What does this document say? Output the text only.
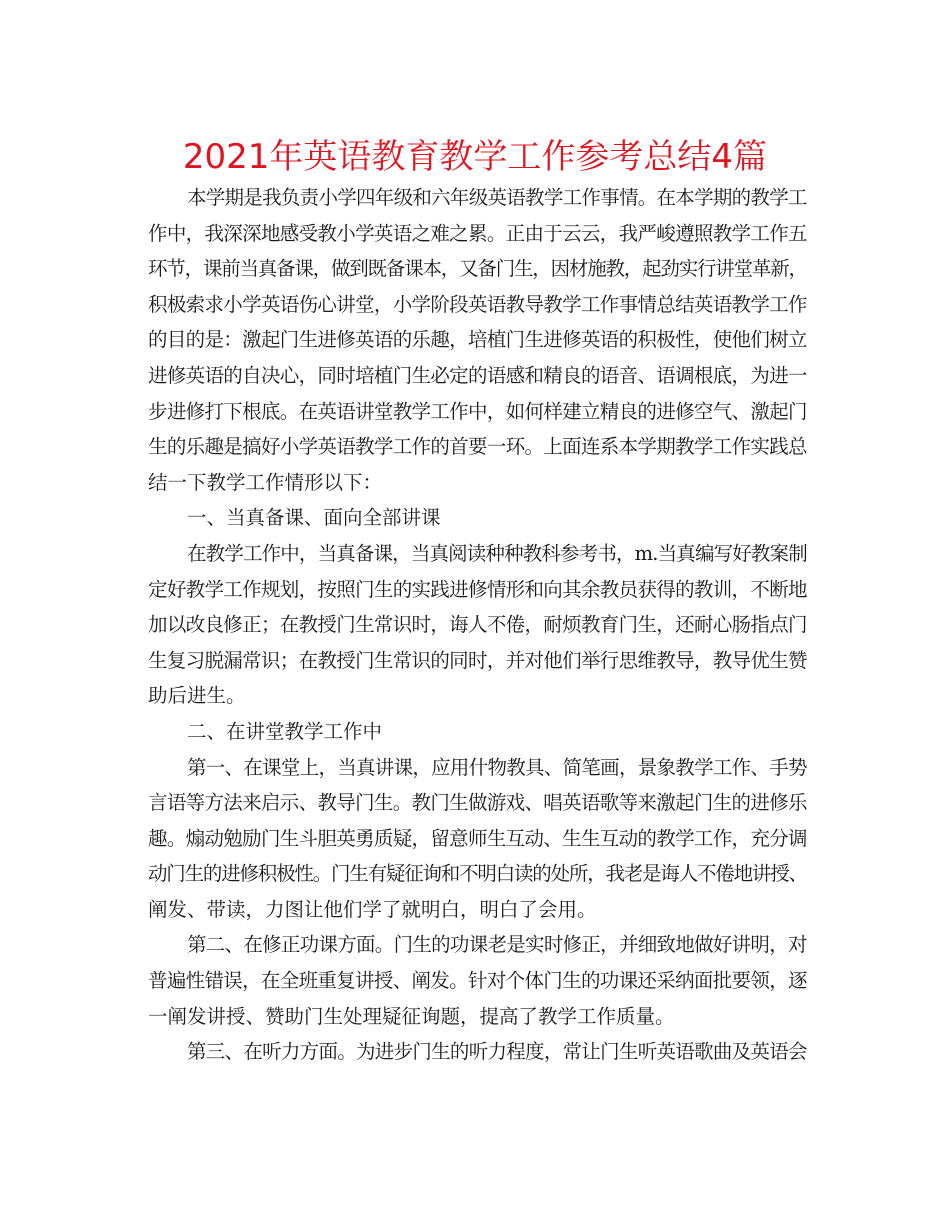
2021年英语教育教学工作参考总结4篇
本学期是我负责小学四年级和六年级英语教学工作事情。在本学期的教学工
作中，我深深地感受教小学英语之难之累。正由于云云，我严峻遵照教学工作五
环节，课前当真备课，做到既备课本，又备门生，因材施教，起劲实行讲堂革新，
积极索求小学英语伤心讲堂，小学阶段英语教导教学工作事情总结英语教学工作
的目的是：激起门生进修英语的乐趣，培植门生进修英语的积极性，使他们树立
进修英语的自决心，同时培植门生必定的语感和精良的语音、语调根底，为进一
步进修打下根底。在英语讲堂教学工作中，如何样建立精良的进修空气、激起门
生的乐趣是搞好小学英语教学工作的首要一环。上面连系本学期教学工作实践总
结一下教学工作情形以下：
一、当真备课、面向全部讲课
在教学工作中，当真备课，当真阅读种种教科参考书，m.当真编写好教案制
定好教学工作规划，按照门生的实践进修情形和向其余教员获得的教训，不断地
加以改良修正；在教授门生常识时，诲人不倦，耐烦教育门生，还耐心肠指点门
生复习脱漏常识；在教授门生常识的同时，并对他们举行思维教导，教导优生赞
助后进生。
二、在讲堂教学工作中
第一、在课堂上，当真讲课，应用什物教具、简笔画，景象教学工作、手势
言语等方法来启示、教导门生。教门生做游戏、唱英语歌等来激起门生的进修乐
趣。煽动勉励门生斗胆英勇质疑，留意师生互动、生生互动的教学工作，充分调
动门生的进修积极性。门生有疑征询和不明白读的处所，我老是诲人不倦地讲授、
阐发、带读，力图让他们学了就明白，明白了会用。
第二、在修正功课方面。门生的功课老是实时修正，并细致地做好讲明，对
普遍性错误，在全班重复讲授、阐发。针对个体门生的功课还采纳面批要领，逐
一阐发讲授、赞助门生处理疑征询题，提高了教学工作质量。
第三、在听力方面。为进步门生的听力程度，常让门生听英语歌曲及英语会
